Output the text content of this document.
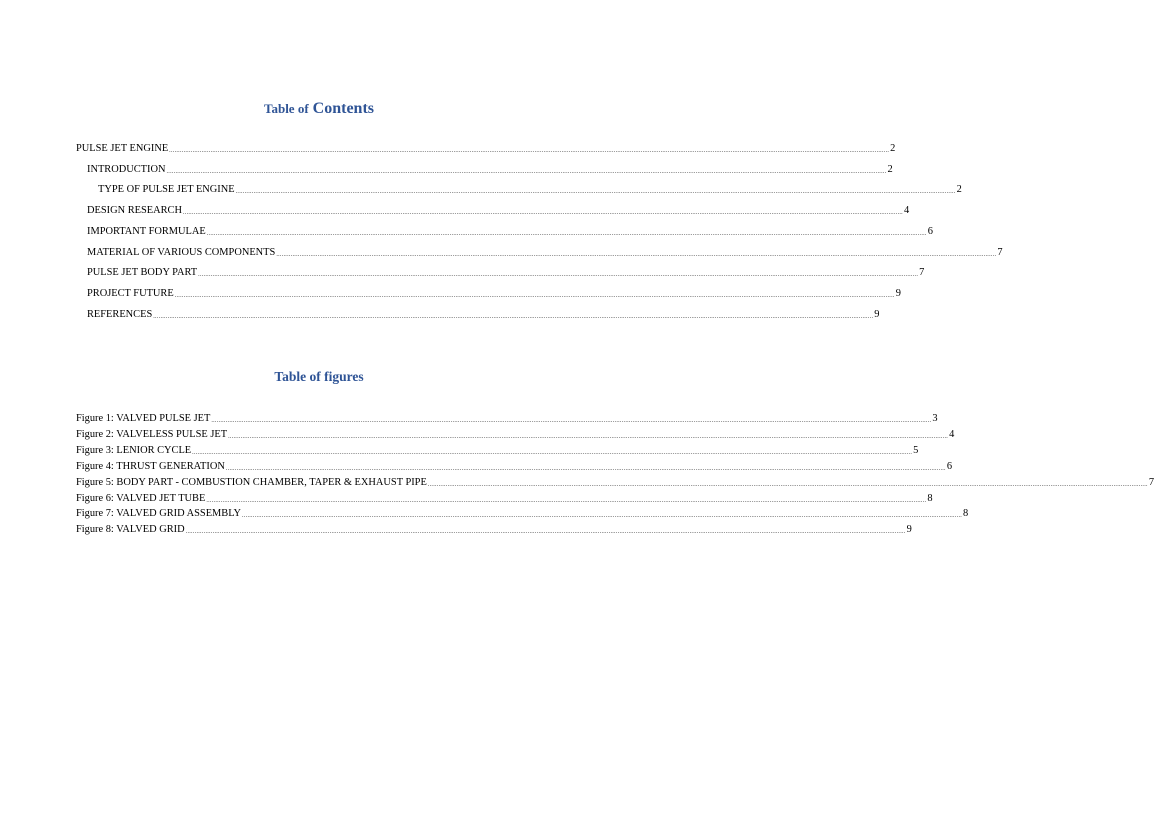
Table of Contents
PULSE JET ENGINE ................................................................................................................................................................................................................................................................................................................................................................................................................ 2
INTRODUCTION ................................................................................................................................................................................................................................................................................................................................................................................................................ 2
TYPE OF PULSE JET ENGINE ................................................................................................................................................................................................................................................................................................................................................................................................................ 2
DESIGN RESEARCH ................................................................................................................................................................................................................................................................................................................................................................................................................ 4
IMPORTANT FORMULAE ................................................................................................................................................................................................................................................................................................................................................................................................................ 6
MATERIAL OF VARIOUS COMPONENTS ................................................................................................................................................................................................................................................................................................................................................................................................................ 7
PULSE JET BODY PART ................................................................................................................................................................................................................................................................................................................................................................................................................ 7
PROJECT FUTURE ................................................................................................................................................................................................................................................................................................................................................................................................................ 9
REFERENCES ................................................................................................................................................................................................................................................................................................................................................................................................................ 9
Table of figures
Figure 1: VALVED PULSE JET ................................................................................................................................................................................................................................................................................................................................................................................................................ 3
Figure 2: VALVELESS PULSE JET ................................................................................................................................................................................................................................................................................................................................................................................................................ 4
Figure 3: LENIOR CYCLE ................................................................................................................................................................................................................................................................................................................................................................................................................ 5
Figure 4: THRUST GENERATION ................................................................................................................................................................................................................................................................................................................................................................................................................ 6
Figure 5: BODY PART - COMBUSTION CHAMBER, TAPER & EXHAUST PIPE ................................................................................................................................................................................................................................................................................................................................................................................................................ 7
Figure 6: VALVED JET TUBE ................................................................................................................................................................................................................................................................................................................................................................................................................ 8
Figure 7: VALVED GRID ASSEMBLY ................................................................................................................................................................................................................................................................................................................................................................................................................ 8
Figure 8: VALVED GRID ................................................................................................................................................................................................................................................................................................................................................................................................................ 9
